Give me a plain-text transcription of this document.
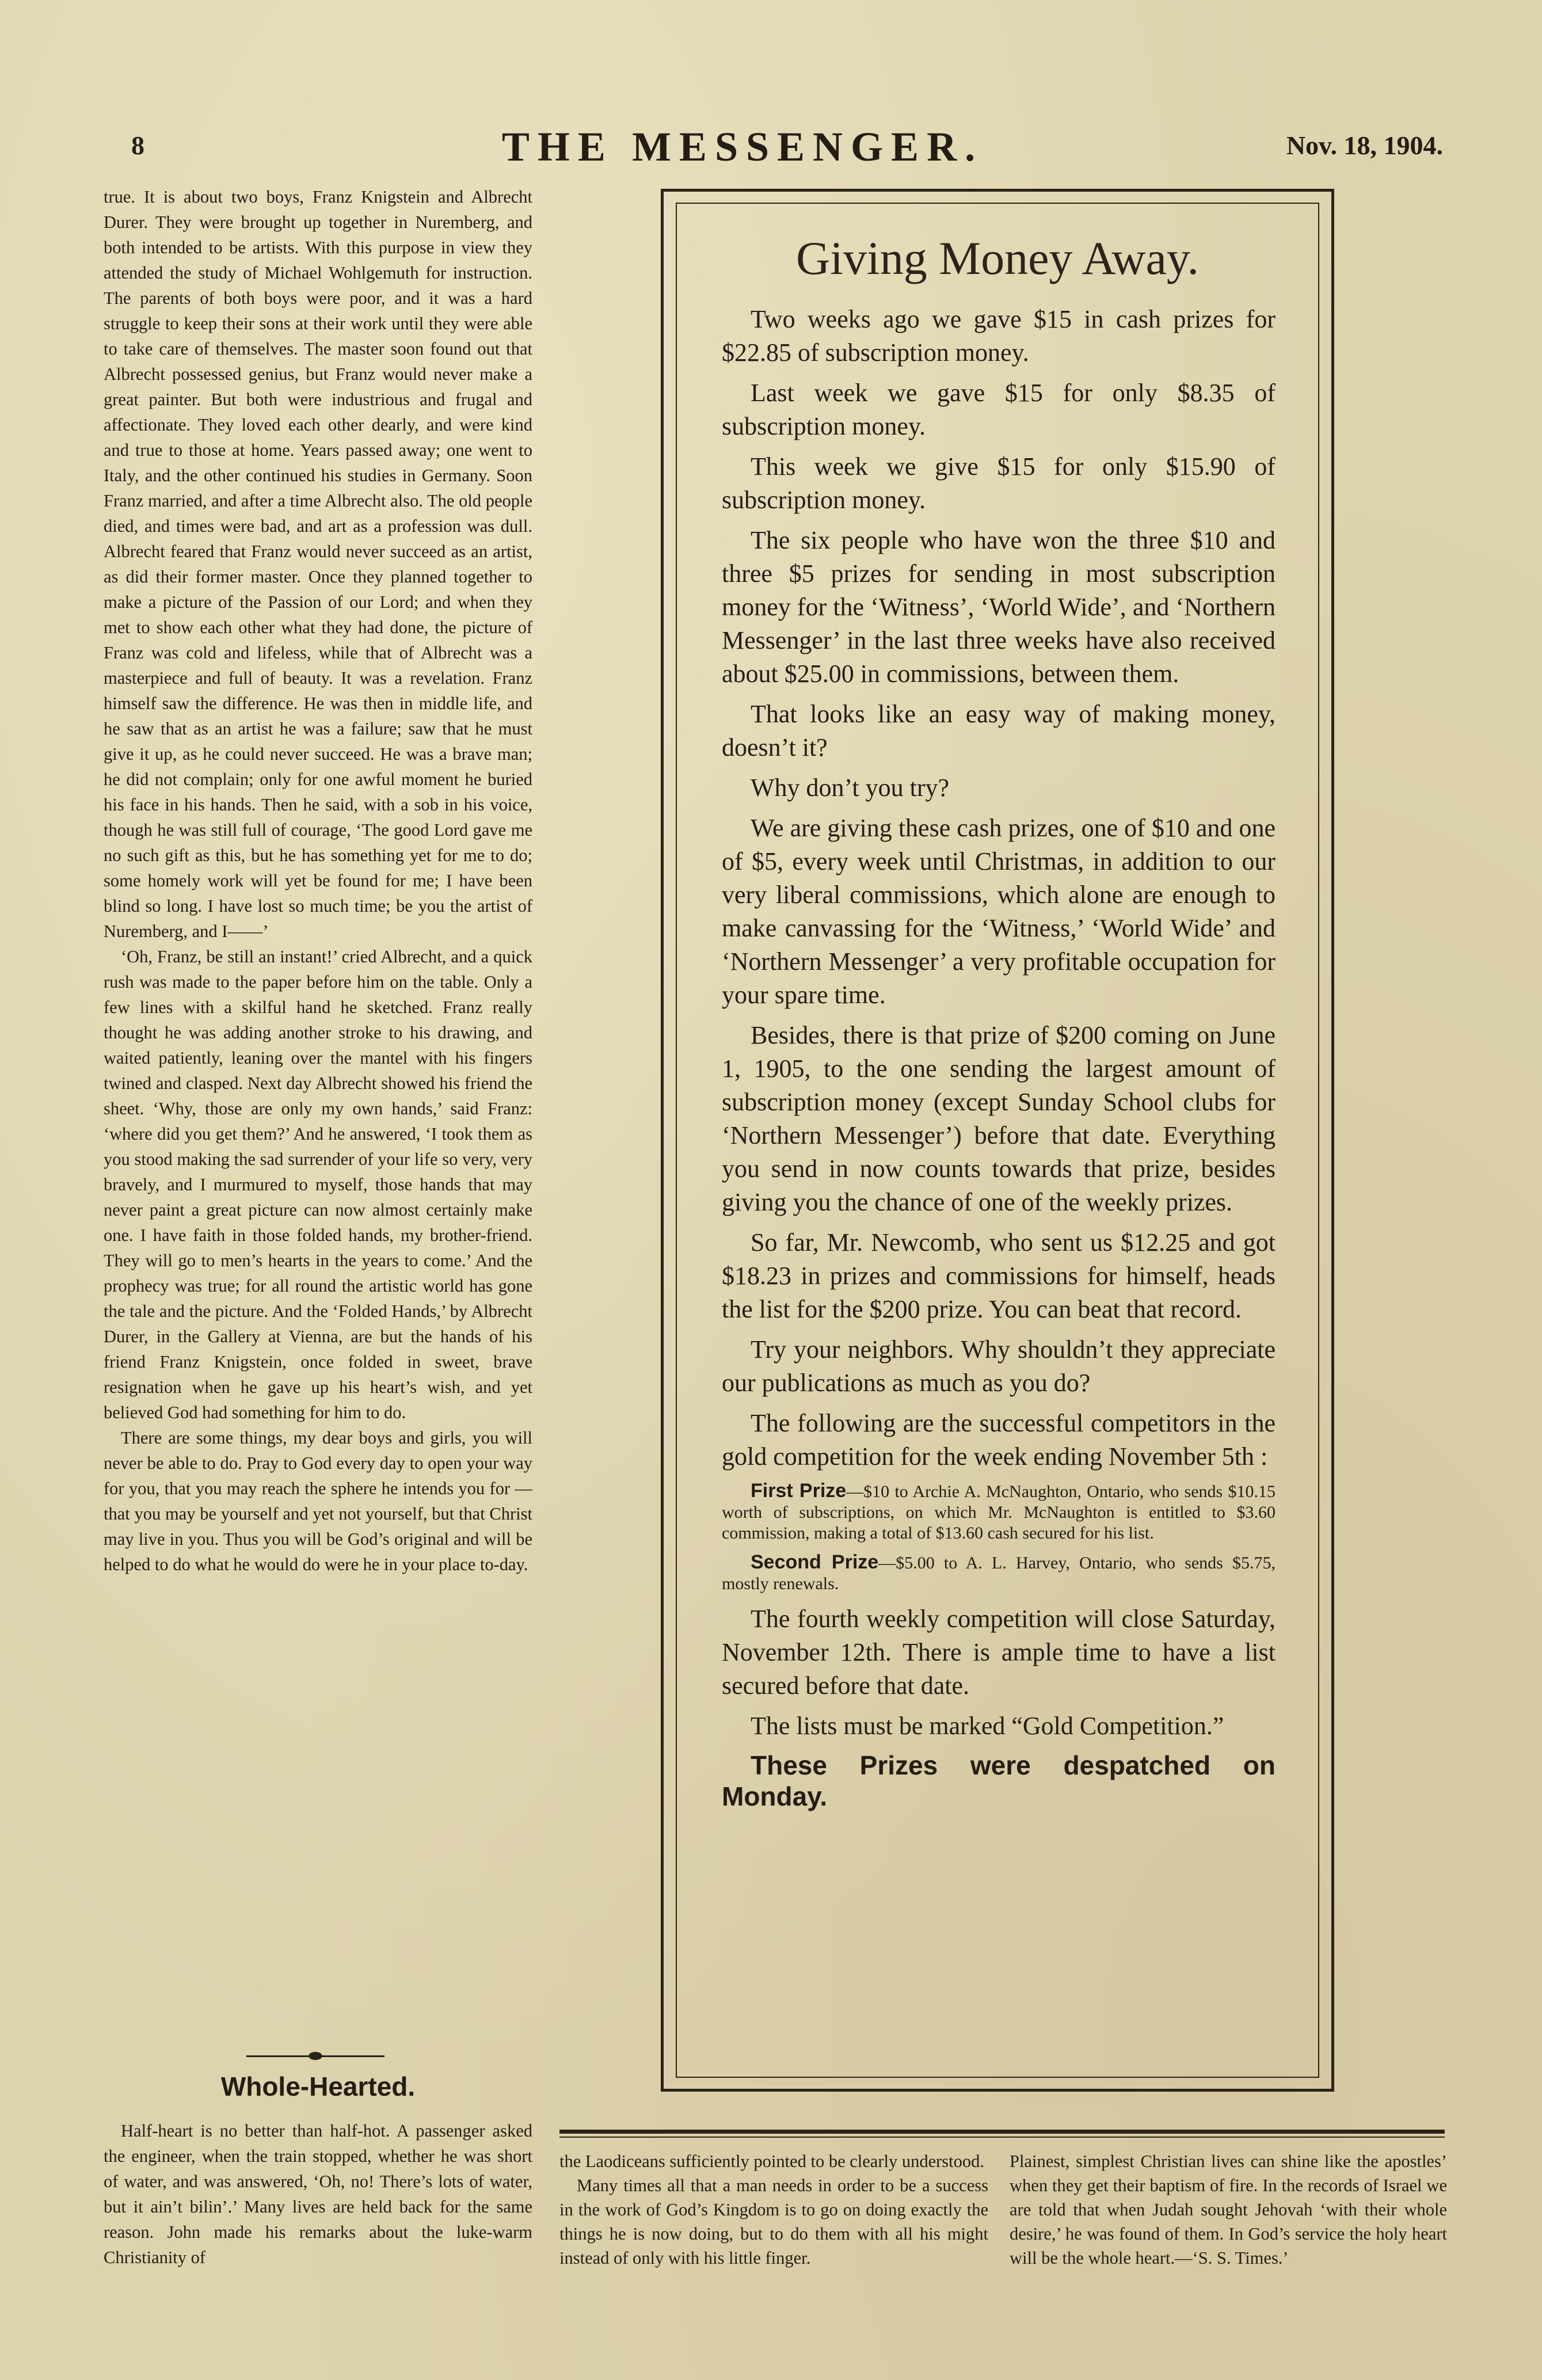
8	THE MESSENGER.	Nov. 18, 1904.

true. It is about two boys, Franz Knigstein and Albrecht Durer. They were brought up together in Nuremberg, and both intended to be artists. With this purpose in view they attended the study of Michael Wohlgemuth for instruction. The parents of both boys were poor, and it was a hard struggle to keep their sons at their work until they were able to take care of themselves. The master soon found out that Albrecht possessed genius, but Franz would never make a great painter. But both were industrious and frugal and affectionate. They loved each other dearly, and were kind and true to those at home. Years passed away; one went to Italy, and the other continued his studies in Germany. Soon Franz married, and after a time Albrecht also. The old people died, and times were bad, and art as a profession was dull. Albrecht feared that Franz would never succeed as an artist, as did their former master. Once they planned together to make a picture of the Passion of our Lord; and when they met to show each other what they had done, the picture of Franz was cold and lifeless, while that of Albrecht was a masterpiece and full of beauty. It was a revelation. Franz himself saw the difference. He was then in middle life, and he saw that as an artist he was a failure; saw that he must give it up, as he could never succeed. He was a brave man; he did not complain; only for one awful moment he buried his face in his hands. Then he said, with a sob in his voice, though he was still full of courage, ‘The good Lord gave me no such gift as this, but he has something yet for me to do; some homely work will yet be found for me; I have been blind so long. I have lost so much time; be you the artist of Nuremberg, and I——’

‘Oh, Franz, be still an instant!’ cried Albrecht, and a quick rush was made to the paper before him on the table. Only a few lines with a skilful hand he sketched. Franz really thought he was adding another stroke to his drawing, and waited patiently, leaning over the mantel with his fingers twined and clasped. Next day Albrecht showed his friend the sheet. ‘Why, those are only my own hands,’ said Franz: ‘where did you get them?’ And he answered, ‘I took them as you stood making the sad surrender of your life so very, very bravely, and I murmured to myself, those hands that may never paint a great picture can now almost certainly make one. I have faith in those folded hands, my brother-friend. They will go to men’s hearts in the years to come.’ And the prophecy was true; for all round the artistic world has gone the tale and the picture. And the ‘Folded Hands,’ by Albrecht Durer, in the Gallery at Vienna, are but the hands of his friend Franz Knigstein, once folded in sweet, brave resignation when he gave up his heart’s wish, and yet believed God had something for him to do.

There are some things, my dear boys and girls, you will never be able to do. Pray to God every day to open your way for you, that you may reach the sphere he intends you for —that you may be yourself and yet not yourself, but that Christ may live in you. Thus you will be God’s original and will be helped to do what he would do were he in your place to-day.

Whole-Hearted.

Half-heart is no better than half-hot. A passenger asked the engineer, when the train stopped, whether he was short of water, and was answered, ‘Oh, no! There’s lots of water, but it ain’t bilin’.’ Many lives are held back for the same reason. John made his remarks about the luke-warm Christianity of

Giving Money Away.

Two weeks ago we gave $15 in cash prizes for $22.85 of subscription money.

Last week we gave $15 for only $8.35 of subscription money.

This week we give $15 for only $15.90 of subscription money.

The six people who have won the three $10 and three $5 prizes for sending in most subscription money for the ‘Witness’, ‘World Wide’, and ‘Northern Messenger’ in the last three weeks have also received about $25.00 in commissions, between them.

That looks like an easy way of making money, doesn’t it?

Why don’t you try?

We are giving these cash prizes, one of $10 and one of $5, every week until Christmas, in addition to our very liberal commissions, which alone are enough to make canvassing for the ‘Witness,’ ‘World Wide’ and ‘Northern Messenger’ a very profitable occupation for your spare time.

Besides, there is that prize of $200 coming on June 1, 1905, to the one sending the largest amount of subscription money (except Sunday School clubs for ‘Northern Messenger’) before that date. Everything you send in now counts towards that prize, besides giving you the chance of one of the weekly prizes.

So far, Mr. Newcomb, who sent us $12.25 and got $18.23 in prizes and commissions for himself, heads the list for the $200 prize. You can beat that record.

Try your neighbors. Why shouldn’t they appreciate our publications as much as you do?

The following are the successful competitors in the gold competition for the week ending November 5th :

First Prize—$10 to Archie A. McNaughton, Ontario, who sends $10.15 worth of subscriptions, on which Mr. McNaughton is entitled to $3.60 commission, making a total of $13.60 cash secured for his list.

Second Prize—$5.00 to A. L. Harvey, Ontario, who sends $5.75, mostly renewals.

The fourth weekly competition will close Saturday, November 12th. There is ample time to have a list secured before that date.

The lists must be marked “Gold Competition.”

These Prizes were despatched on Monday.

the Laodiceans sufficiently pointed to be clearly understood.

Many times all that a man needs in order to be a success in the work of God’s Kingdom is to go on doing exactly the things he is now doing, but to do them with all his might instead of only with his little finger.

Plainest, simplest Christian lives can shine like the apostles’ when they get their baptism of fire. In the records of Israel we are told that when Judah sought Jehovah ‘with their whole desire,’ he was found of them. In God’s service the holy heart will be the whole heart.—‘S. S. Times.’
